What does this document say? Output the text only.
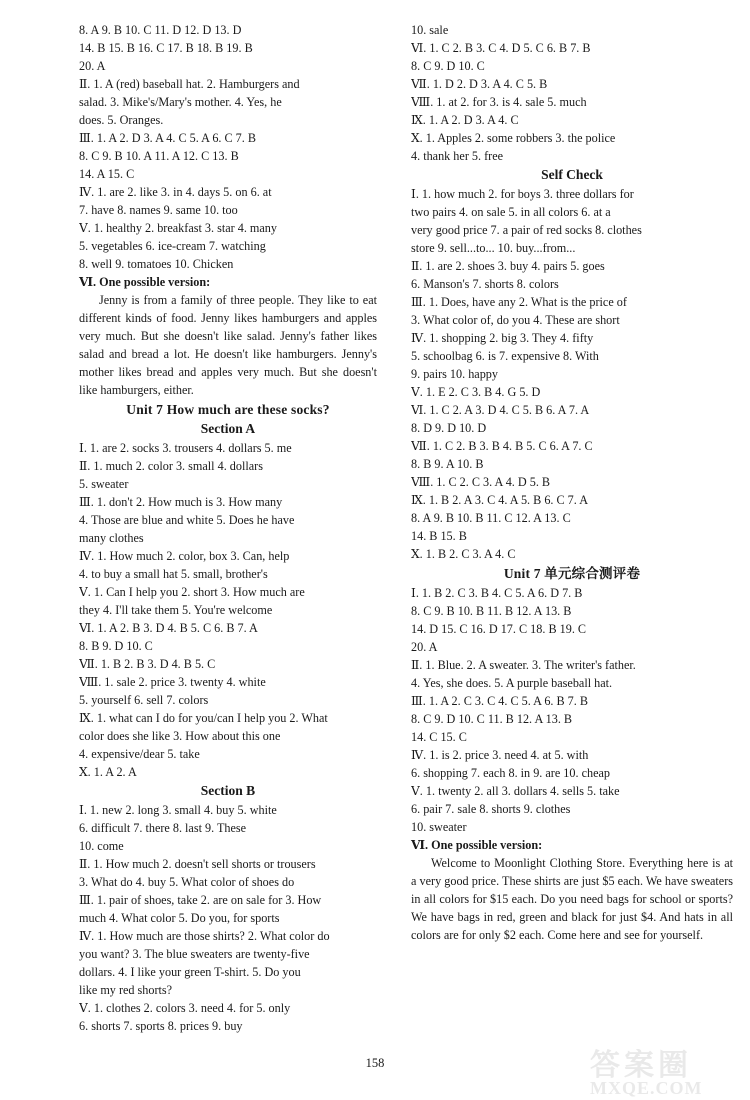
8. A 9. B 10. C 11. D 12. D 13. D
14. B 15. B 16. C 17. B 18. B 19. B
20. A
Ⅱ. 1. A (red) baseball hat. 2. Hamburgers and
salad. 3. Mike's/Mary's mother. 4. Yes, he
does. 5. Oranges.
Ⅲ. 1. A 2. D 3. A 4. C 5. A 6. C 7. B
8. C 9. B 10. A 11. A 12. C 13. B
14. A 15. C
Ⅳ. 1. are 2. like 3. in 4. days 5. on 6. at
7. have 8. names 9. same 10. too
Ⅴ. 1. healthy 2. breakfast 3. star 4. many
5. vegetables 6. ice-cream 7. watching
8. well 9. tomatoes 10. Chicken
Ⅵ. One possible version:
Jenny is from a family of three people. They like to eat different kinds of food. Jenny likes hamburgers and apples very much. But she doesn't like salad. Jenny's father likes salad and bread a lot. He doesn't like hamburgers. Jenny's mother likes bread and apples very much. But she doesn't like hamburgers, either.
Unit 7 How much are these socks?
Section A
Ⅰ. 1. are 2. socks 3. trousers 4. dollars 5. me
Ⅱ. 1. much 2. color 3. small 4. dollars
5. sweater
Ⅲ. 1. don't 2. How much is 3. How many
4. Those are blue and white 5. Does he have
many clothes
Ⅳ. 1. How much 2. color, box 3. Can, help
4. to buy a small hat 5. small, brother's
Ⅴ. 1. Can I help you 2. short 3. How much are
they 4. I'll take them 5. You're welcome
Ⅵ. 1. A 2. B 3. D 4. B 5. C 6. B 7. A
8. B 9. D 10. C
Ⅶ. 1. B 2. B 3. D 4. B 5. C
Ⅷ. 1. sale 2. price 3. twenty 4. white
5. yourself 6. sell 7. colors
Ⅸ. 1. what can I do for you/can I help you 2. What
color does she like 3. How about this one
4. expensive/dear 5. take
Ⅹ. 1. A 2. A
Section B
Ⅰ. 1. new 2. long 3. small 4. buy 5. white
6. difficult 7. there 8. last 9. These
10. come
Ⅱ. 1. How much 2. doesn't sell shorts or trousers
3. What do 4. buy 5. What color of shoes do
Ⅲ. 1. pair of shoes, take 2. are on sale for 3. How
much 4. What color 5. Do you, for sports
Ⅳ. 1. How much are those shirts? 2. What color do
you want? 3. The blue sweaters are twenty-five
dollars. 4. I like your green T-shirt. 5. Do you
like my red shorts?
Ⅴ. 1. clothes 2. colors 3. need 4. for 5. only
6. shorts 7. sports 8. prices 9. buy
10. sale
Ⅵ. 1. C 2. B 3. C 4. D 5. C 6. B 7. B
8. C 9. D 10. C
Ⅶ. 1. D 2. D 3. A 4. C 5. B
Ⅷ. 1. at 2. for 3. is 4. sale 5. much
Ⅸ. 1. A 2. D 3. A 4. C
Ⅹ. 1. Apples 2. some robbers 3. the police
4. thank her 5. free
Self Check
Ⅰ. 1. how much 2. for boys 3. three dollars for
two pairs 4. on sale 5. in all colors 6. at a
very good price 7. a pair of red socks 8. clothes
store 9. sell...to... 10. buy...from...
Ⅱ. 1. are 2. shoes 3. buy 4. pairs 5. goes
6. Manson's 7. shorts 8. colors
Ⅲ. 1. Does, have any 2. What is the price of
3. What color of, do you 4. These are short
Ⅳ. 1. shopping 2. big 3. They 4. fifty
5. schoolbag 6. is 7. expensive 8. With
9. pairs 10. happy
Ⅴ. 1. E 2. C 3. B 4. G 5. D
Ⅵ. 1. C 2. A 3. D 4. C 5. B 6. A 7. A
8. D 9. D 10. D
Ⅶ. 1. C 2. B 3. B 4. B 5. C 6. A 7. C
8. B 9. A 10. B
Ⅷ. 1. C 2. C 3. A 4. D 5. B
Ⅸ. 1. B 2. A 3. C 4. A 5. B 6. C 7. A
8. A 9. B 10. B 11. C 12. A 13. C
14. B 15. B
Ⅹ. 1. B 2. C 3. A 4. C
Unit 7 单元综合测评卷
Ⅰ. 1. B 2. C 3. B 4. C 5. A 6. D 7. B
8. C 9. B 10. B 11. B 12. A 13. B
14. D 15. C 16. D 17. C 18. B 19. C
20. A
Ⅱ. 1. Blue. 2. A sweater. 3. The writer's father.
4. Yes, she does. 5. A purple baseball hat.
Ⅲ. 1. A 2. C 3. C 4. C 5. A 6. B 7. B
8. C 9. D 10. C 11. B 12. A 13. B
14. C 15. C
Ⅳ. 1. is 2. price 3. need 4. at 5. with
6. shopping 7. each 8. in 9. are 10. cheap
Ⅴ. 1. twenty 2. all 3. dollars 4. sells 5. take
6. pair 7. sale 8. shorts 9. clothes
10. sweater
Ⅵ. One possible version:
Welcome to Moonlight Clothing Store. Everything here is at a very good price. These shirts are just $5 each. We have sweaters in all colors for $15 each. Do you need bags for school or sports? We have bags in red, green and black for just $4. And hats in all colors are for only $2 each. Come here and see for yourself.
158	答案圈
MXQE.COM
